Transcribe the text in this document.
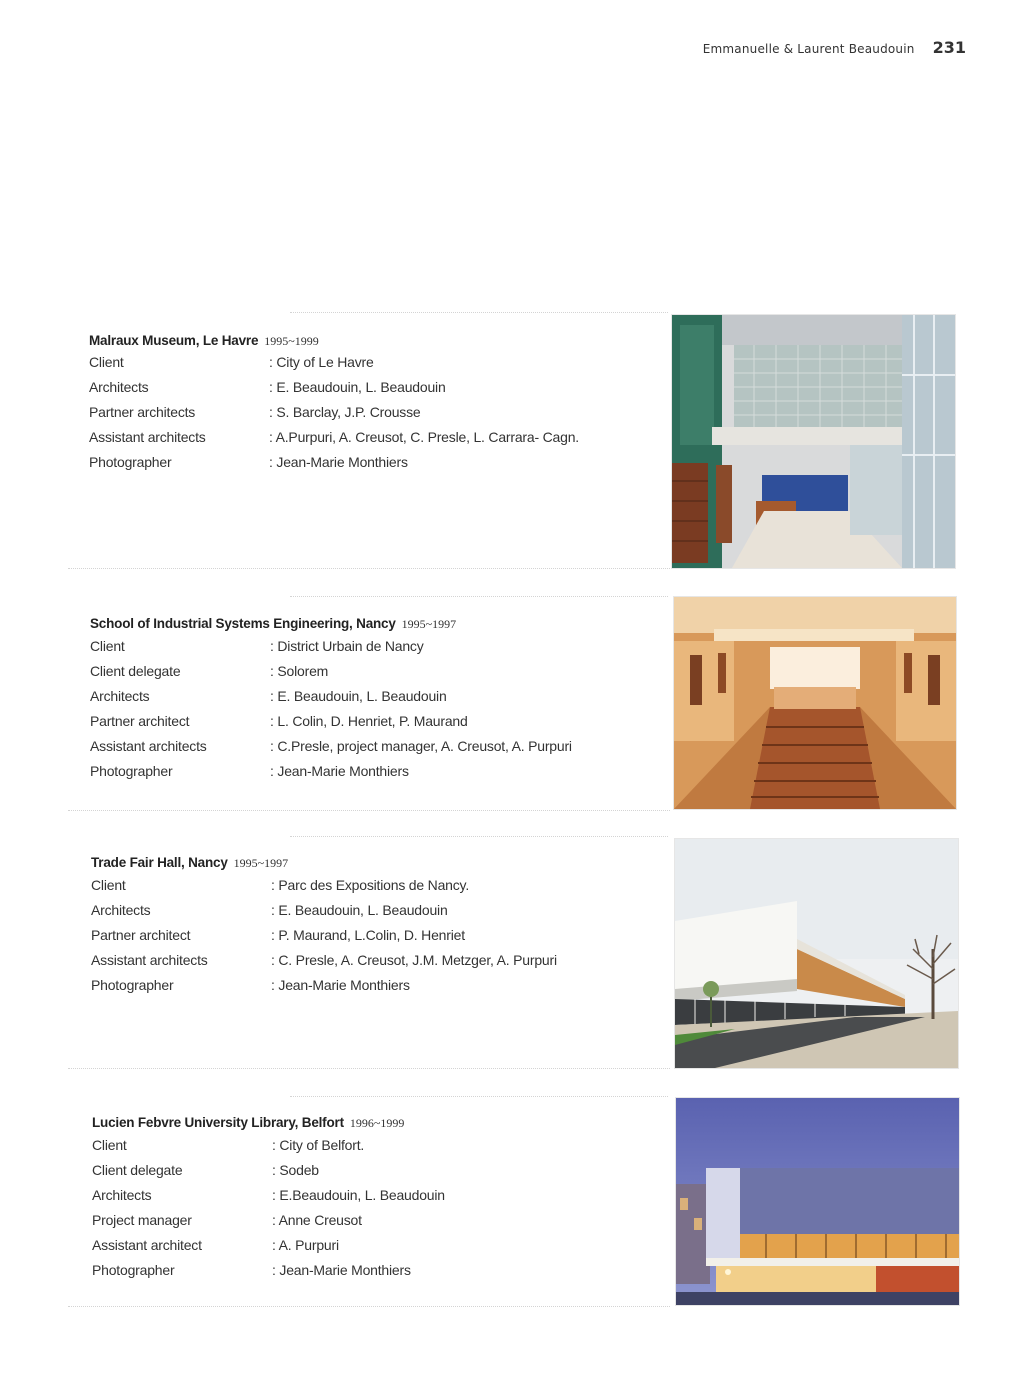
Emmanuelle & Laurent Beaudouin 231
Malraux Museum, Le Havre 1995~1999
Client	: City of Le Havre
Architects	: E. Beaudouin, L. Beaudouin
Partner architects	: S. Barclay, J.P. Crousse
Assistant architects	: A.Purpuri, A. Creusot, C. Presle, L. Carrara- Cagn.
Photographer	: Jean-Marie Monthiers
School of Industrial Systems Engineering, Nancy 1995~1997
Client	: District Urbain de Nancy
Client delegate	: Solorem
Architects	: E. Beaudouin, L. Beaudouin
Partner architect	: L. Colin, D. Henriet, P. Maurand
Assistant architects	: C.Presle, project manager, A. Creusot, A. Purpuri
Photographer	: Jean-Marie Monthiers
Trade Fair Hall, Nancy 1995~1997
Client	: Parc des Expositions de Nancy.
Architects	: E. Beaudouin, L. Beaudouin
Partner architect	: P. Maurand, L.Colin, D. Henriet
Assistant architects	: C. Presle, A. Creusot, J.M. Metzger, A. Purpuri
Photographer	: Jean-Marie Monthiers
Lucien Febvre University Library, Belfort 1996~1999
Client	: City of Belfort.
Client delegate	: Sodeb
Architects	: E.Beaudouin, L. Beaudouin
Project manager	: Anne Creusot
Assistant architect	: A. Purpuri
Photographer	: Jean-Marie Monthiers
